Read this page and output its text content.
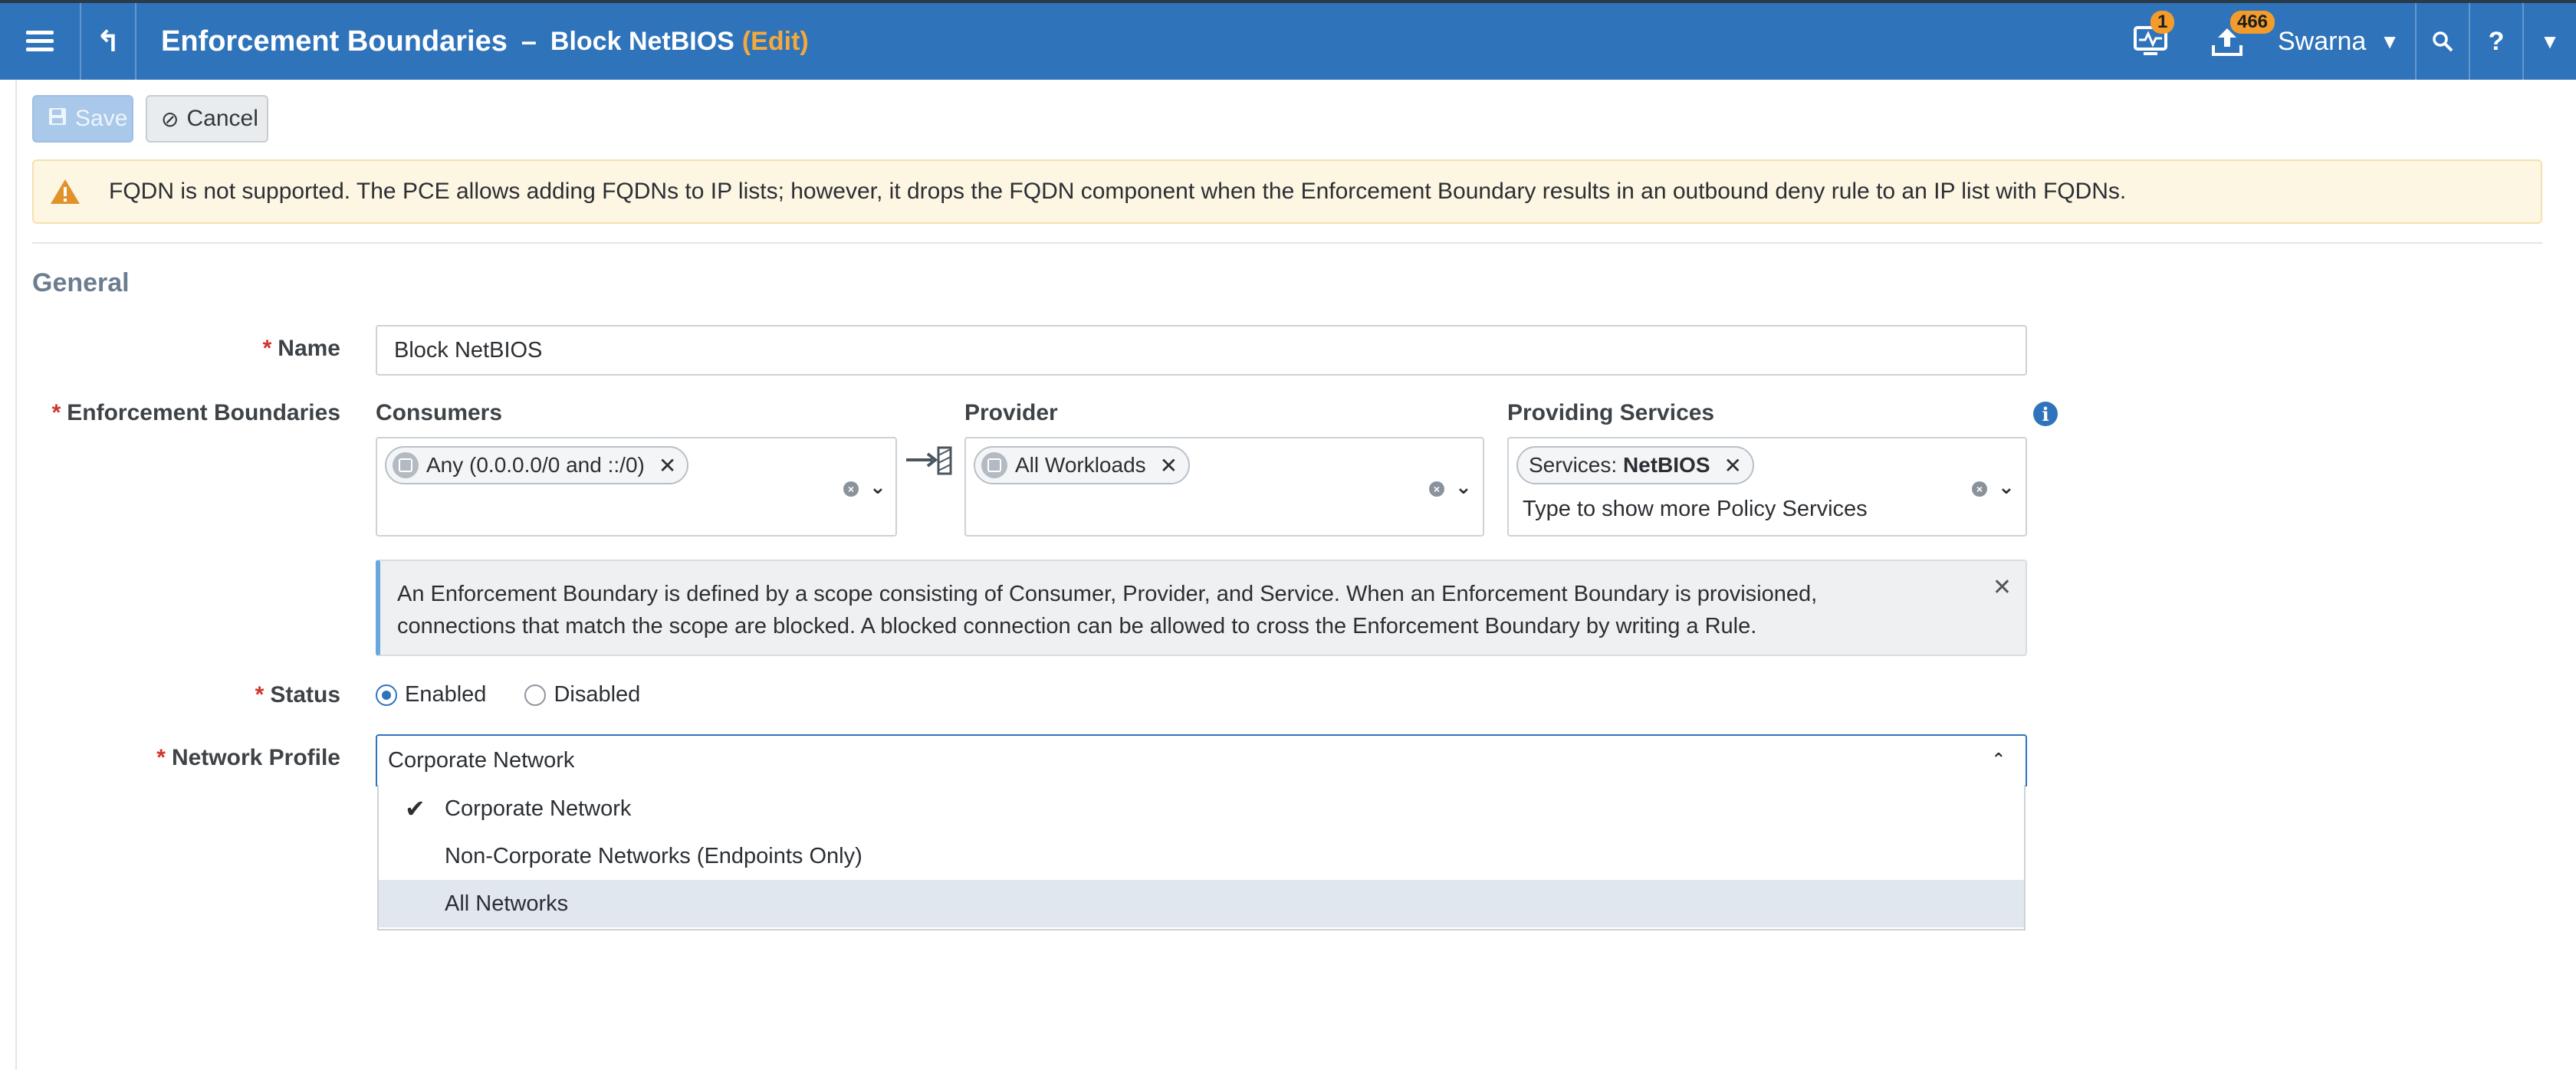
↰	Enforcement Boundaries – Block NetBIOS (Edit)
1	466
Swarna ▼	?	▼
Save ⊘ Cancel
FQDN is not supported. The PCE allows adding FQDNs to IP lists; however, it drops the FQDN component when the Enforcement Boundary results in an outbound deny rule to an IP list with FQDNs.
General
* Name Block NetBIOS
* Enforcement Boundaries Consumers	Provider	Providing Services	i
Any (0.0.0.0/0 and ::/0) ✕
× ⌄
All Workloads ✕
× ⌄
Services:
NetBIOS ✕
Type to show more Policy Services
× ⌄
An Enforcement Boundary is defined by a scope consisting of Consumer, Provider, and Service. When an Enforcement Boundary is provisioned,
connections that match the scope are blocked. A blocked connection can be allowed to cross the Enforcement Boundary by writing a Rule.
✕
* Status	Enabled	Disabled
* Network Profile Corporate Network	⌃
✔ Corporate Network
Non-Corporate Networks (Endpoints Only)
All Networks
